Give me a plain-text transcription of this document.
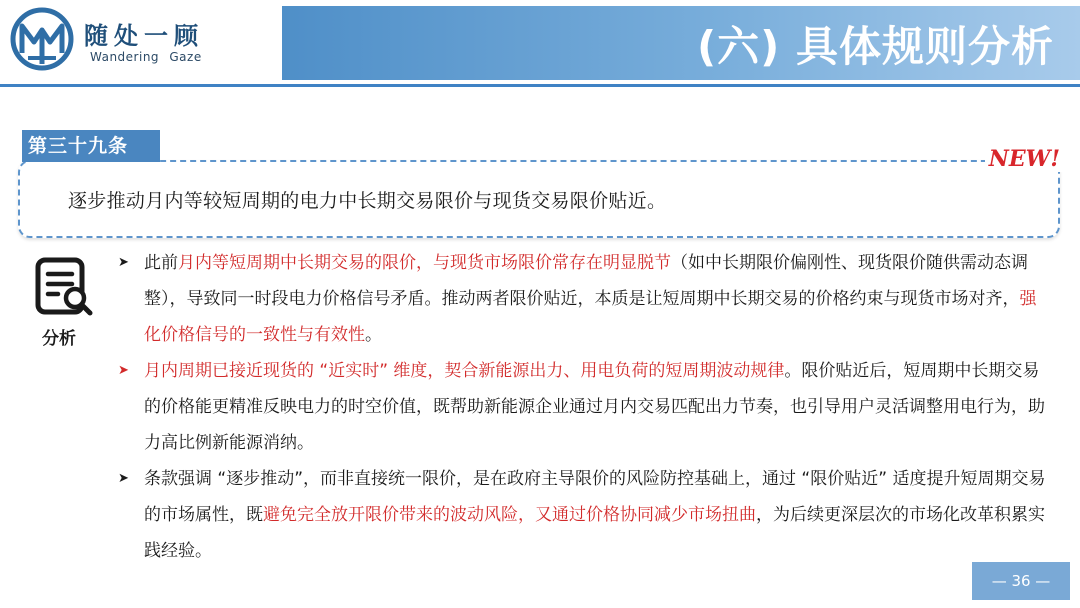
随处一顾
Wandering Gaze	(六) 具体规则分析
第三十九条
逐步推动月内等较短周期的电力中长期交易限价与现货交易限价贴近。
NEW!
分析

➤ 此前月内等短周期中长期交易的限价，与现货市场限价常存在明显脱节（如中长期限价偏刚性、现货限价随供需动态调整），导致同一时段电力价格信号矛盾。推动两者限价贴近，本质是让短周期中长期交易的价格约束与现货市场对齐，强化价格信号的一致性与有效性。

➤ 月内周期已接近现货的 “近实时” 维度，契合新能源出力、用电负荷的短周期波动规律。限价贴近后，短周期中长期交易的价格能更精准反映电力的时空价值，既帮助新能源企业通过月内交易匹配出力节奏，也引导用户灵活调整用电行为，助力高比例新能源消纳。

➤ 条款强调 “逐步推动”，而非直接统一限价，是在政府主导限价的风险防控基础上，通过 “限价贴近” 适度提升短周期交易的市场属性，既避免完全放开限价带来的波动风险，又通过价格协同减少市场扭曲，为后续更深层次的市场化改革积累实践经验。

— 36 —
